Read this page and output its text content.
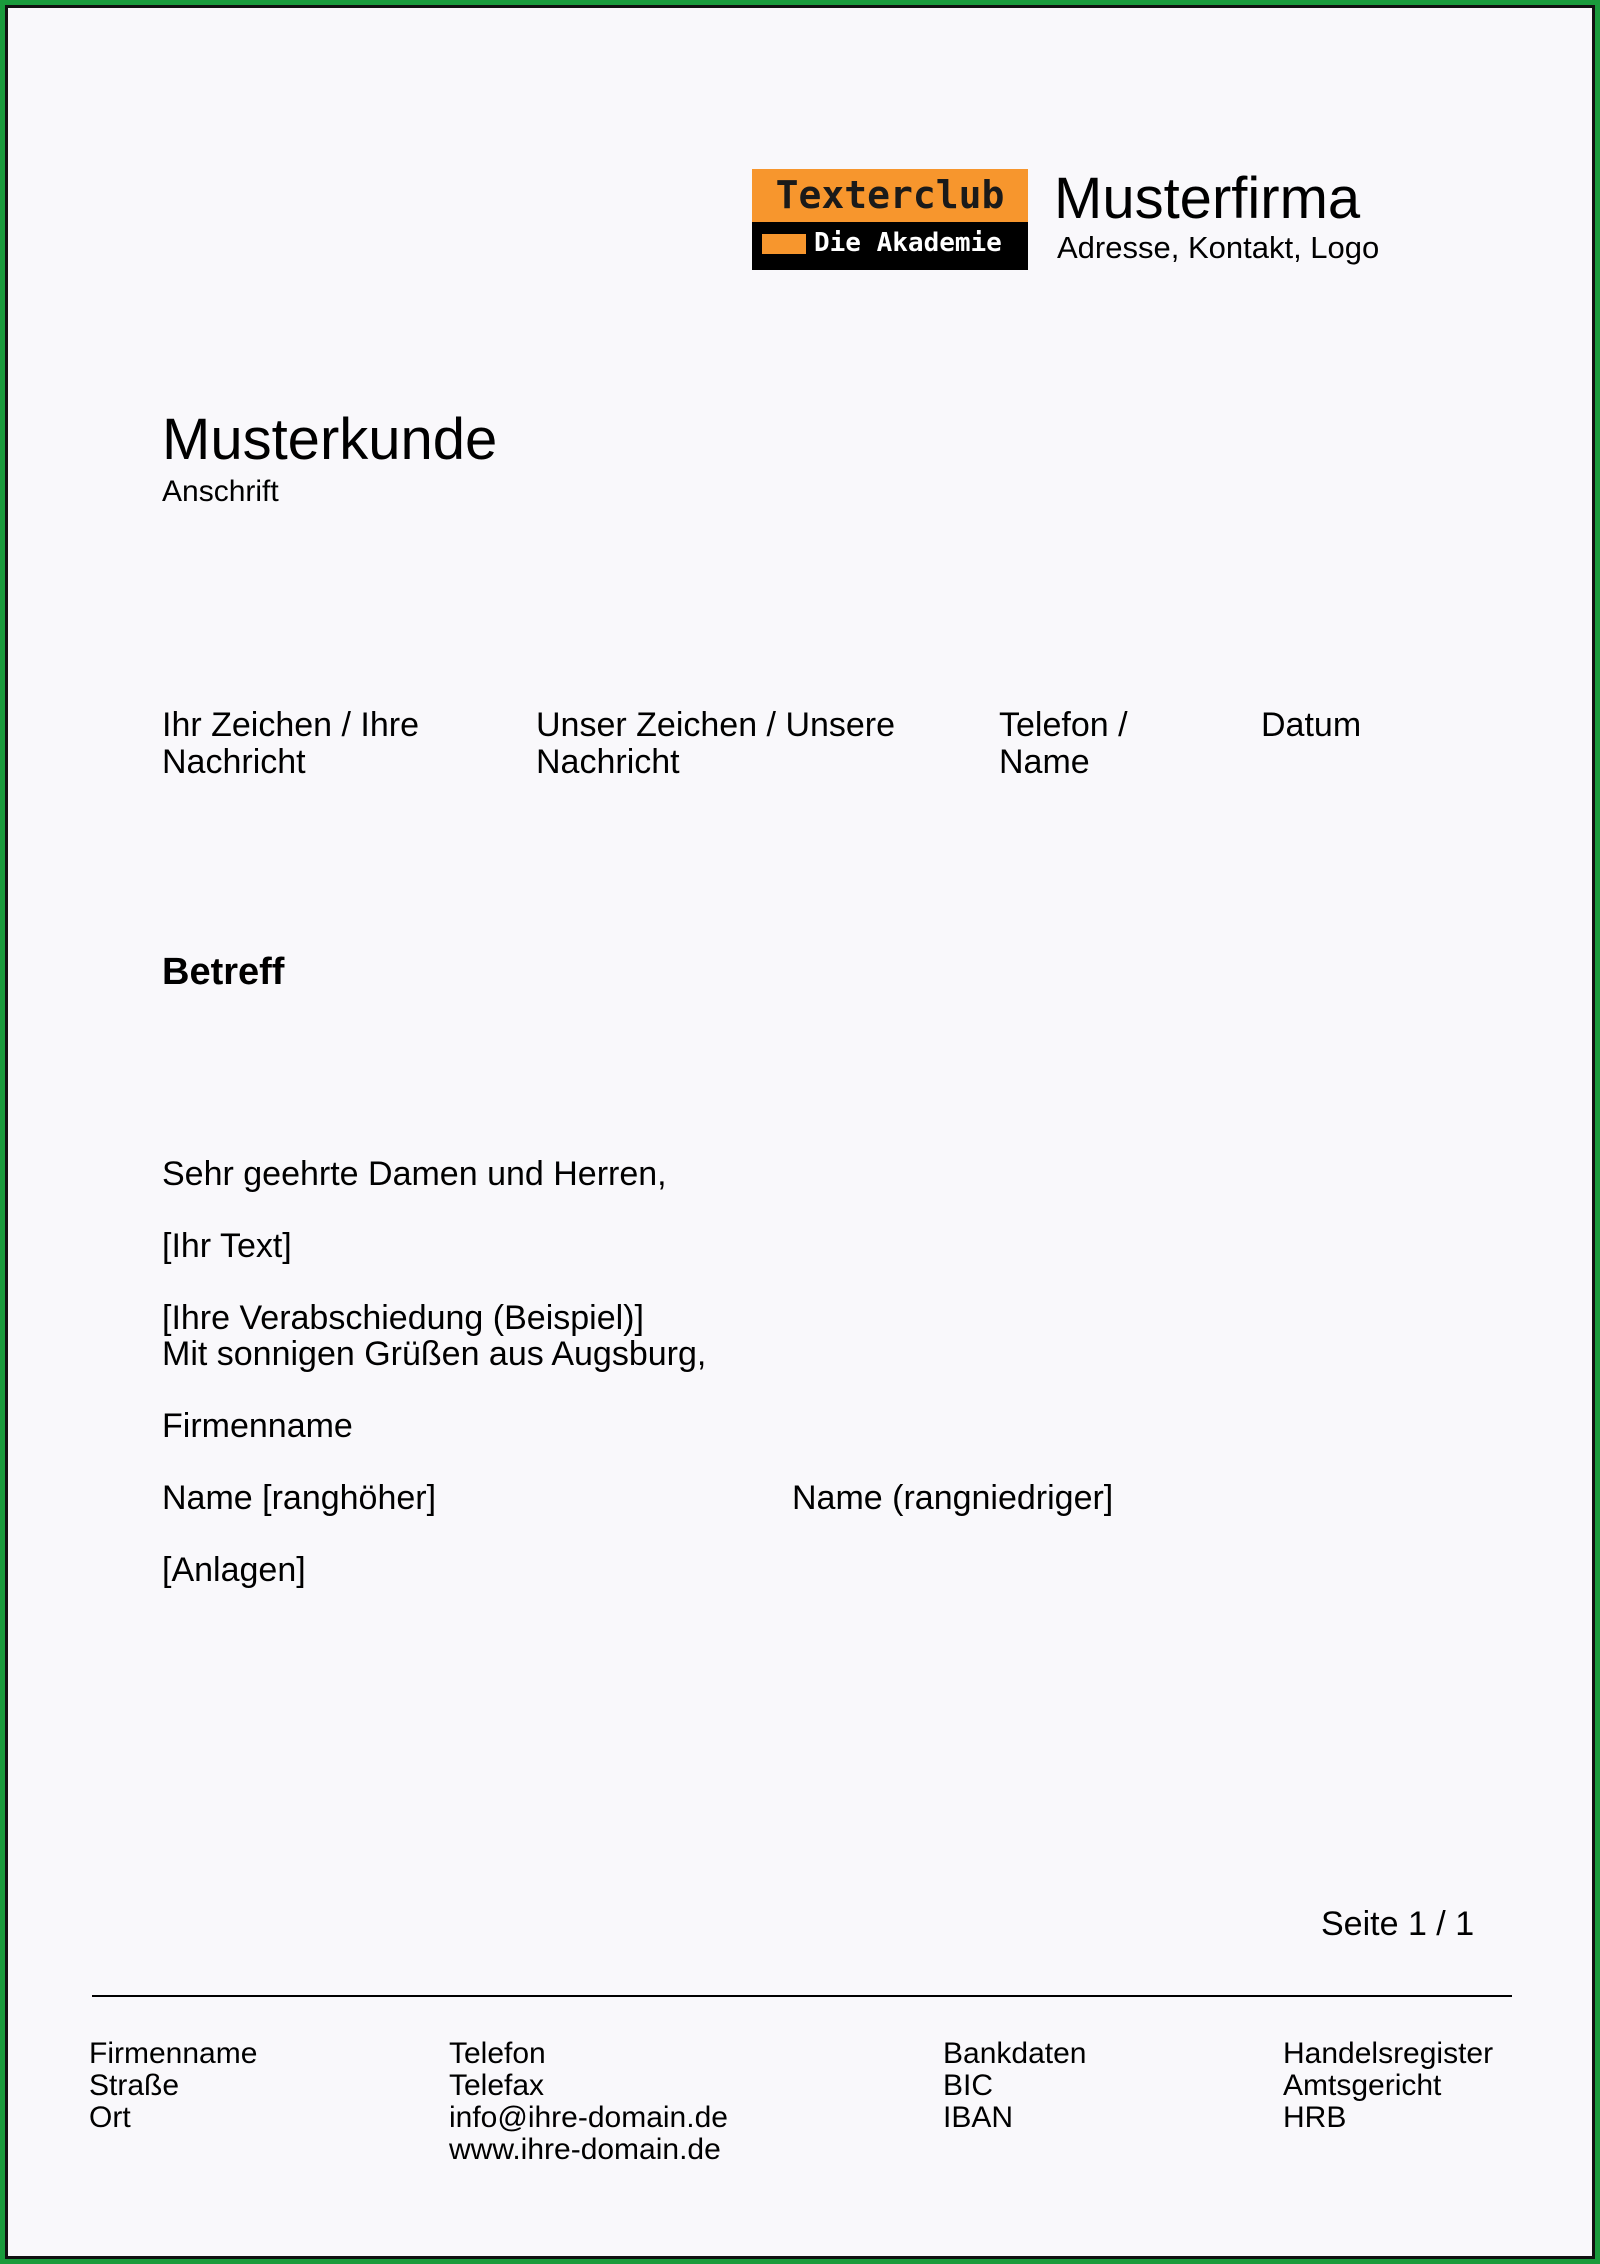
Texterclub
Die Akademie
Musterfirma
Adresse, Kontakt, Logo
Musterkunde
Anschrift
Ihr Zeichen / Ihre Nachricht
Unser Zeichen / Unsere Nachricht
Telefon / Name
Datum
Betreff
Sehr geehrte Damen und Herren,
[Ihr Text]
[Ihre Verabschiedung (Beispiel)]
Mit sonnigen Grüßen aus Augsburg,
Firmenname
Name [ranghöher]	Name (rangniedriger]
[Anlagen]
Seite 1 / 1
Firmenname
Straße
Ort
Telefon
Telefax
info@ihre-domain.de
www.ihre-domain.de
Bankdaten
BIC
IBAN
Handelsregister
Amtsgericht
HRB
